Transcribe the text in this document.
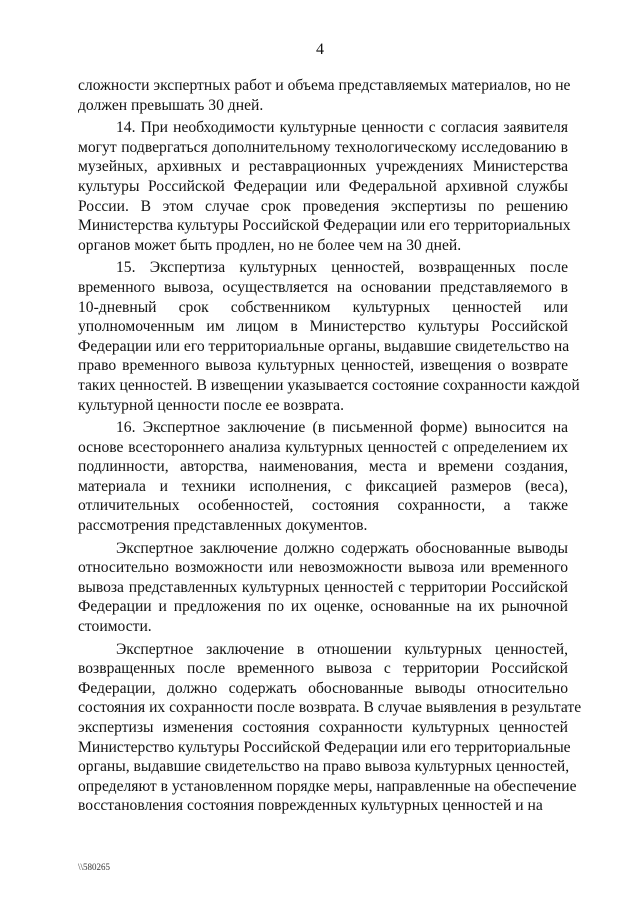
4
сложности экспертных работ и объема представляемых материалов, но не
должен превышать 30 дней.
14. При необходимости культурные ценности с согласия заявителя
могут подвергаться дополнительному технологическому исследованию в
музейных, архивных и реставрационных учреждениях Министерства
культуры Российской Федерации или Федеральной архивной службы
России. В этом случае срок проведения экспертизы по решению
Министерства культуры Российской Федерации или его территориальных
органов может быть продлен, но не более чем на 30 дней.
15. Экспертиза культурных ценностей, возвращенных после
временного вывоза, осуществляется на основании представляемого в
10-дневный срок собственником культурных ценностей или
уполномоченным им лицом в Министерство культуры Российской
Федерации или его территориальные органы, выдавшие свидетельство на
право временного вывоза культурных ценностей, извещения о возврате
таких ценностей. В извещении указывается состояние сохранности каждой
культурной ценности после ее возврата.
16. Экспертное заключение (в письменной форме) выносится на
основе всестороннего анализа культурных ценностей с определением их
подлинности, авторства, наименования, места и времени создания,
материала и техники исполнения, с фиксацией размеров (веса),
отличительных особенностей, состояния сохранности, а также
рассмотрения представленных документов.
Экспертное заключение должно содержать обоснованные выводы
относительно возможности или невозможности вывоза или временного
вывоза представленных культурных ценностей с территории Российской
Федерации и предложения по их оценке, основанные на их рыночной
стоимости.
Экспертное заключение в отношении культурных ценностей,
возвращенных после временного вывоза с территории Российской
Федерации, должно содержать обоснованные выводы относительно
состояния их сохранности после возврата. В случае выявления в результате
экспертизы изменения состояния сохранности культурных ценностей
Министерство культуры Российской Федерации или его территориальные
органы, выдавшие свидетельство на право вывоза культурных ценностей,
определяют в установленном порядке меры, направленные на обеспечение
восстановления состояния поврежденных культурных ценностей и на
\\580265
